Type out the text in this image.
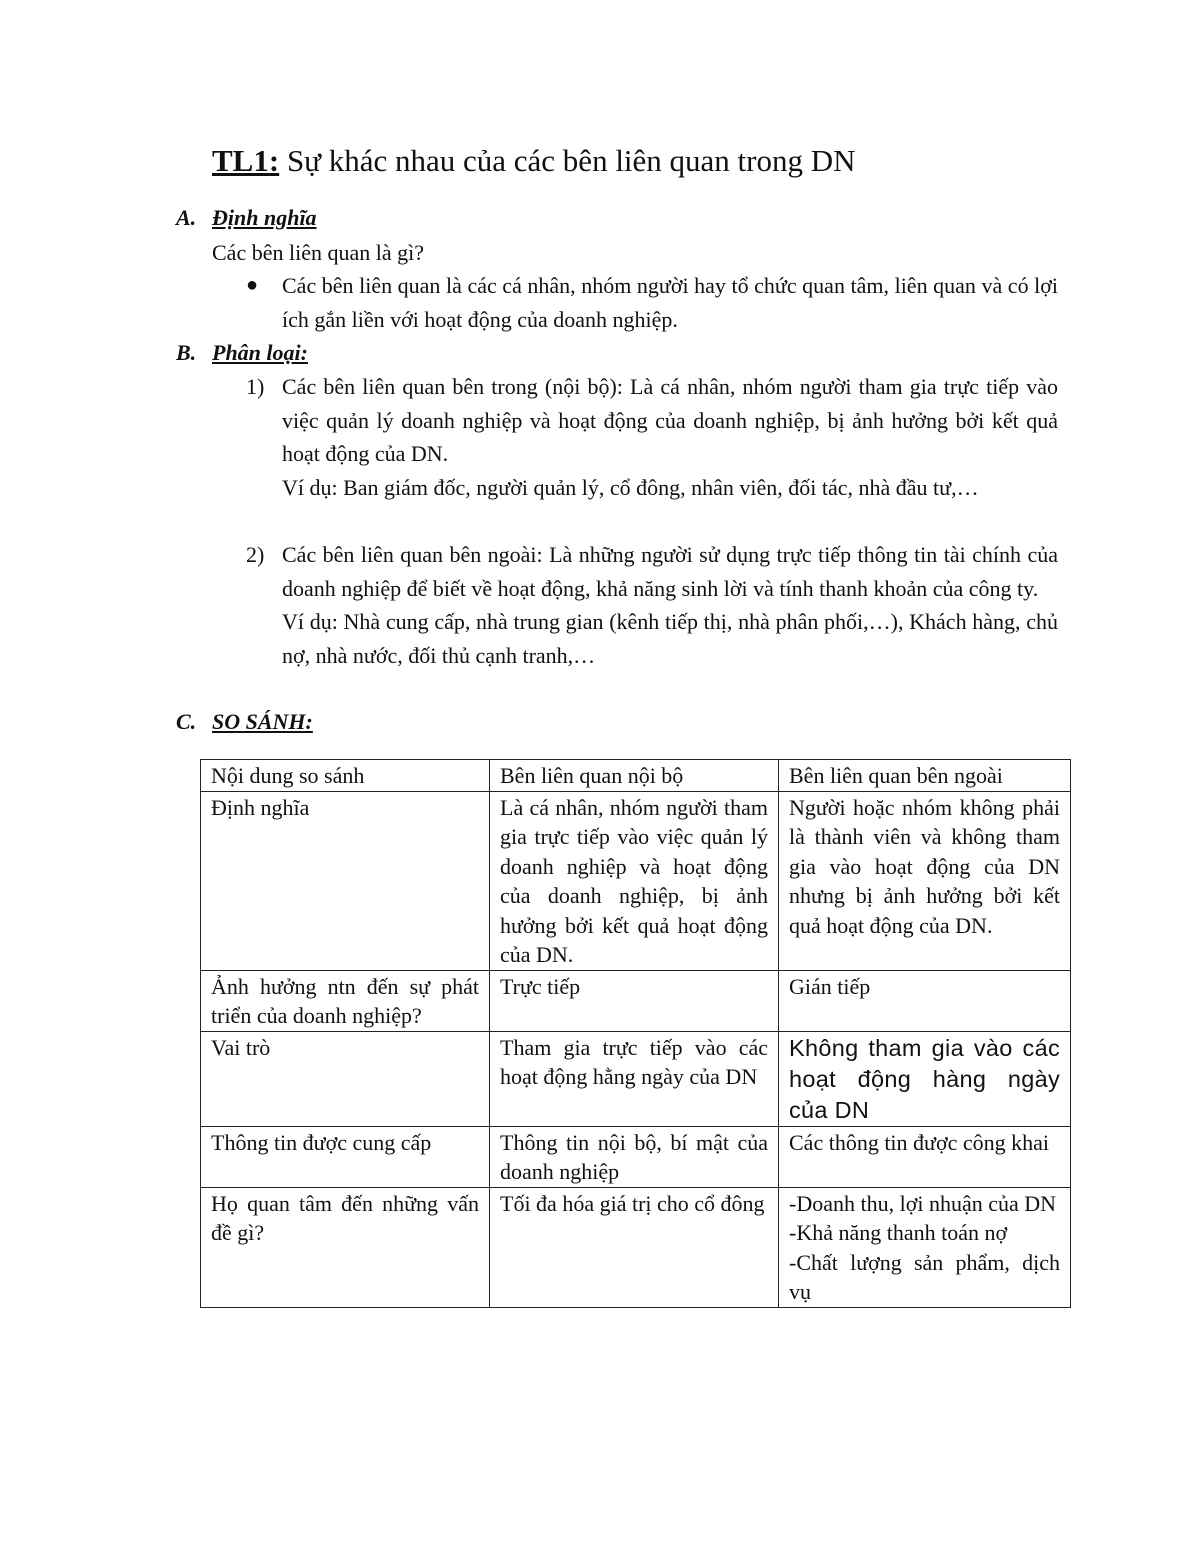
TL1: Sự khác nhau của các bên liên quan trong DN
A. Định nghĩa
Các bên liên quan là gì?
●	Các bên liên quan là các cá nhân, nhóm người hay tổ chức quan tâm, liên quan và có lợi ích gắn liền với hoạt động của doanh nghiệp.
B. Phân loại:
1) Các bên liên quan bên trong (nội bộ): Là cá nhân, nhóm người tham gia trực tiếp vào việc quản lý doanh nghiệp và hoạt động của doanh nghiệp, bị ảnh hưởng bởi kết quả hoạt động của DN.
Ví dụ: Ban giám đốc, người quản lý, cổ đông, nhân viên, đối tác, nhà đầu tư,…
2) Các bên liên quan bên ngoài: Là những người sử dụng trực tiếp thông tin tài chính của doanh nghiệp để biết về hoạt động, khả năng sinh lời và tính thanh khoản của công ty.
Ví dụ: Nhà cung cấp, nhà trung gian (kênh tiếp thị, nhà phân phối,…), Khách hàng, chủ nợ, nhà nước, đối thủ cạnh tranh,…
C. SO SÁNH:
Nội dung so sánh	Bên liên quan nội bộ	Bên liên quan bên ngoài
Định nghĩa	Là cá nhân, nhóm người tham gia trực tiếp vào việc quản lý doanh nghiệp và hoạt động của doanh nghiệp, bị ảnh hưởng bởi kết quả hoạt động của DN.	Người hoặc nhóm không phải là thành viên và không tham gia vào hoạt động của DN nhưng bị ảnh hưởng bởi kết quả hoạt động của DN.
Ảnh hưởng ntn đến sự phát triển của doanh nghiệp?	Trực tiếp	Gián tiếp
Vai trò	Tham gia trực tiếp vào các hoạt động hằng ngày của DN	Không tham gia vào các hoạt động hàng ngày của DN
Thông tin được cung cấp	Thông tin nội bộ, bí mật của doanh nghiệp	Các thông tin được công khai
Họ quan tâm đến những vấn đề gì?	Tối đa hóa giá trị cho cổ đông	-Doanh thu, lợi nhuận của DN
-Khả năng thanh toán nợ
-Chất lượng sản phẩm, dịch vụ
